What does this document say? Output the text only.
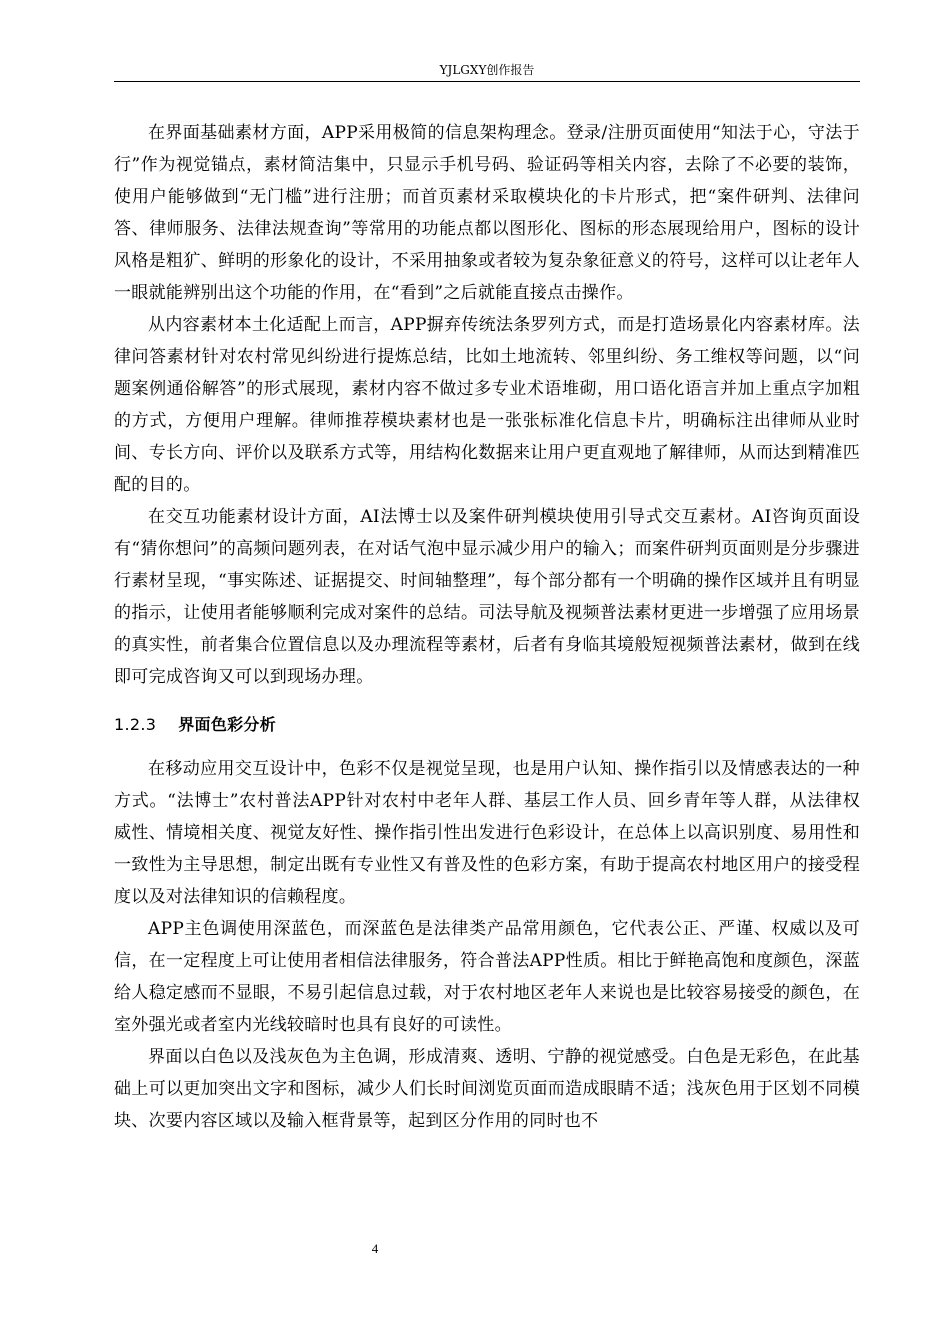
YJLGXY创作报告

在界面基础素材方面，APP采用极简的信息架构理念。登录/注册页面使用“知法于心，守法于行”作为视觉锚点，素材简洁集中，只显示手机号码、验证码等相关内容，去除了不必要的装饰，使用户能够做到“无门槛”进行注册；而首页素材采取模块化的卡片形式，把“案件研判、法律问答、律师服务、法律法规查询”等常用的功能点都以图形化、图标的形态展现给用户，图标的设计风格是粗犷、鲜明的形象化的设计，不采用抽象或者较为复杂象征意义的符号，这样可以让老年人一眼就能辨别出这个功能的作用，在“看到”之后就能直接点击操作。

从内容素材本土化适配上而言，APP摒弃传统法条罗列方式，而是打造场景化内容素材库。法律问答素材针对农村常见纠纷进行提炼总结，比如土地流转、邻里纠纷、务工维权等问题，以“问题案例通俗解答”的形式展现，素材内容不做过多专业术语堆砌，用口语化语言并加上重点字加粗的方式，方便用户理解。律师推荐模块素材也是一张张标准化信息卡片，明确标注出律师从业时间、专长方向、评价以及联系方式等，用结构化数据来让用户更直观地了解律师，从而达到精准匹配的目的。

在交互功能素材设计方面，AI法博士以及案件研判模块使用引导式交互素材。AI咨询页面设有“猜你想问”的高频问题列表，在对话气泡中显示减少用户的输入；而案件研判页面则是分步骤进行素材呈现，“事实陈述、证据提交、时间轴整理”，每个部分都有一个明确的操作区域并且有明显的指示，让使用者能够顺利完成对案件的总结。司法导航及视频普法素材更进一步增强了应用场景的真实性，前者集合位置信息以及办理流程等素材，后者有身临其境般短视频普法素材，做到在线即可完成咨询又可以到现场办理。

1.2.3 界面色彩分析

在移动应用交互设计中，色彩不仅是视觉呈现，也是用户认知、操作指引以及情感表达的一种方式。“法博士”农村普法APP针对农村中老年人群、基层工作人员、回乡青年等人群，从法律权威性、情境相关度、视觉友好性、操作指引性出发进行色彩设计，在总体上以高识别度、易用性和一致性为主导思想，制定出既有专业性又有普及性的色彩方案，有助于提高农村地区用户的接受程度以及对法律知识的信赖程度。

APP主色调使用深蓝色，而深蓝色是法律类产品常用颜色，它代表公正、严谨、权威以及可信，在一定程度上可让使用者相信法律服务，符合普法APP性质。相比于鲜艳高饱和度颜色，深蓝给人稳定感而不显眼，不易引起信息过载，对于农村地区老年人来说也是比较容易接受的颜色，在室外强光或者室内光线较暗时也具有良好的可读性。

界面以白色以及浅灰色为主色调，形成清爽、透明、宁静的视觉感受。白色是无彩色，在此基础上可以更加突出文字和图标，减少人们长时间浏览页面而造成眼睛不适；浅灰色用于区划不同模块、次要内容区域以及输入框背景等，起到区分作用的同时也不

4
